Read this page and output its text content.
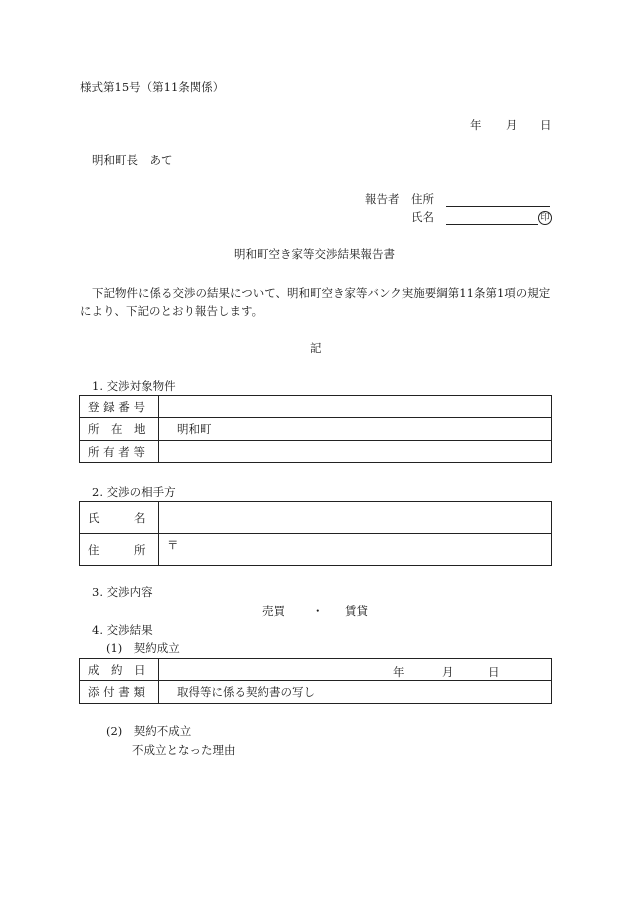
様式第15号（第11条関係）
年 月 日
明和町長　あて
報告者 住所
氏名	印
明和町空き家等交渉結果報告書
下記物件に係る交渉の結果について、明和町空き家等バンク実施要綱第11条第1項の規定
により、下記のとおり報告します。
記
1. 交渉対象物件
登 録 番 号	
所　在　地	明和町
所 有 者 等	
2. 交渉の相手方
氏　　　名	
住　　　所	〒
3. 交渉内容
売買 ・ 賃貸
4. 交渉結果
(1)　契約成立
成　約　日	年 月 日

添 付 書 類	取得等に係る契約書の写し
(2)　契約不成立
不成立となった理由
